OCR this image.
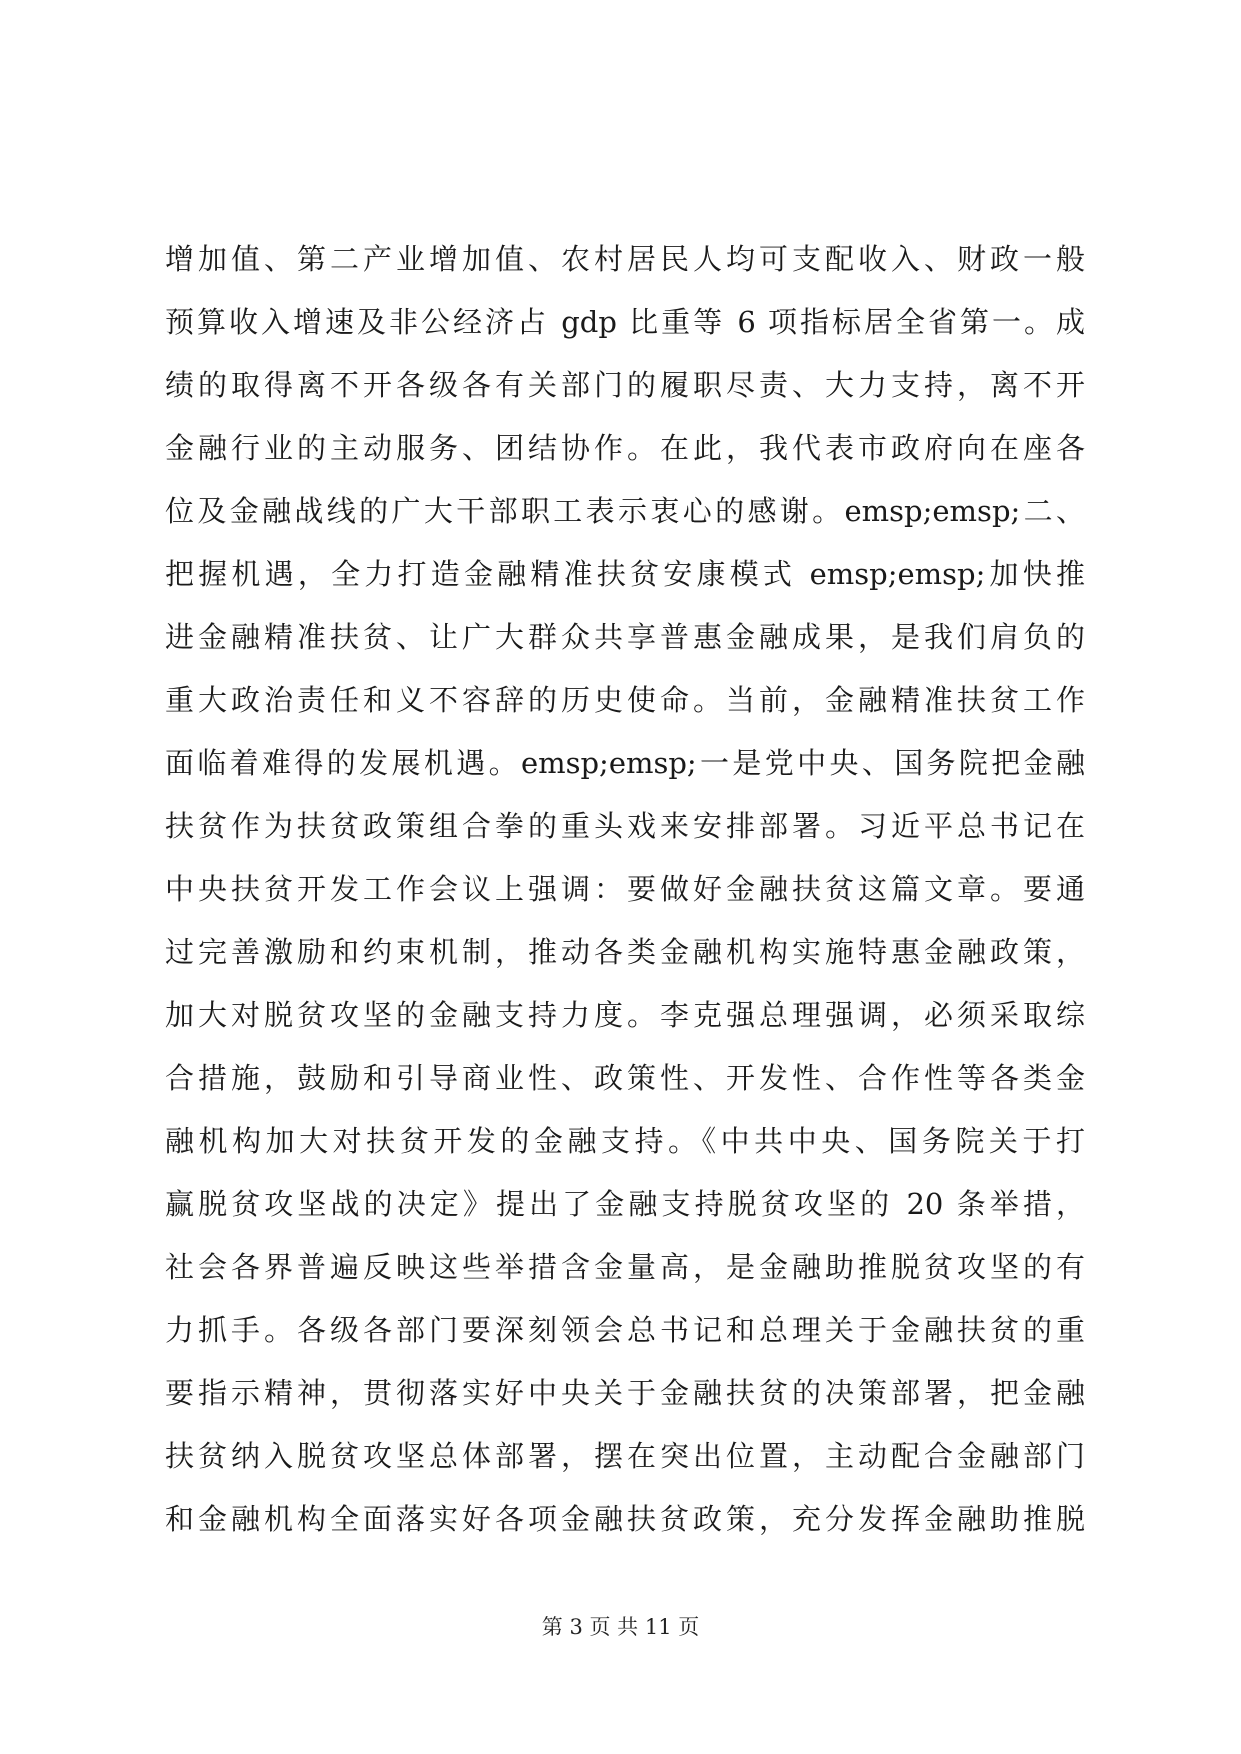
增加值、第二产业增加值、农村居民人均可支配收入、财政一般
预算收入增速及非公经济占 gdp 比重等 6 项指标居全省第一。成
绩的取得离不开各级各有关部门的履职尽责、大力支持，离不开
金融行业的主动服务、团结协作。在此，我代表市政府向在座各
位及金融战线的广大干部职工表示衷心的感谢。emsp;emsp;二、
把握机遇，全力打造金融精准扶贫安康模式 emsp;emsp;加快推
进金融精准扶贫、让广大群众共享普惠金融成果，是我们肩负的
重大政治责任和义不容辞的历史使命。当前，金融精准扶贫工作
面临着难得的发展机遇。emsp;emsp;一是党中央、国务院把金融
扶贫作为扶贫政策组合拳的重头戏来安排部署。习近平总书记在
中央扶贫开发工作会议上强调：要做好金融扶贫这篇文章。要通
过完善激励和约束机制，推动各类金融机构实施特惠金融政策，
加大对脱贫攻坚的金融支持力度。李克强总理强调，必须采取综
合措施，鼓励和引导商业性、政策性、开发性、合作性等各类金
融机构加大对扶贫开发的金融支持。《中共中央、国务院关于打
赢脱贫攻坚战的决定》提出了金融支持脱贫攻坚的 20 条举措，
社会各界普遍反映这些举措含金量高，是金融助推脱贫攻坚的有
力抓手。各级各部门要深刻领会总书记和总理关于金融扶贫的重
要指示精神，贯彻落实好中央关于金融扶贫的决策部署，把金融
扶贫纳入脱贫攻坚总体部署，摆在突出位置，主动配合金融部门
和金融机构全面落实好各项金融扶贫政策，充分发挥金融助推脱
第 3 页 共 11 页
